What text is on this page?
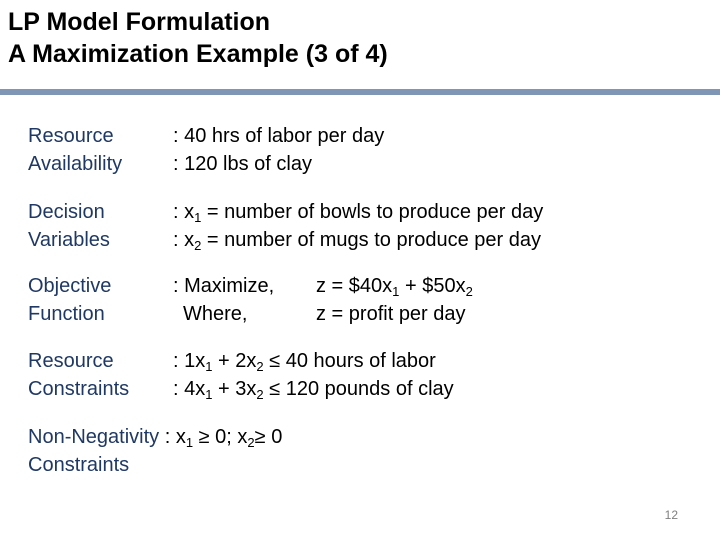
LP Model Formulation
A Maximization Example (3 of 4)
Resource
Availability
: 40 hrs of labor per day
: 120 lbs of clay
Decision
Variables
: $x_1$ = number of bowls to produce per day
: $x_2$ = number of mugs to produce per day
Objective
Function
: Maximize,
Where,
$z = \$40x_1$ + $\$50x_2$
z = profit per day
Resource
Constraints
: $1x_1 + 2x_2 \le 40$ hours of labor
: $4x_1 + 3x_2 \le 120$ pounds of clay
Non-Negativity : $x_1 \ge 0$; $x_2\ge 0$
Constraints
12
